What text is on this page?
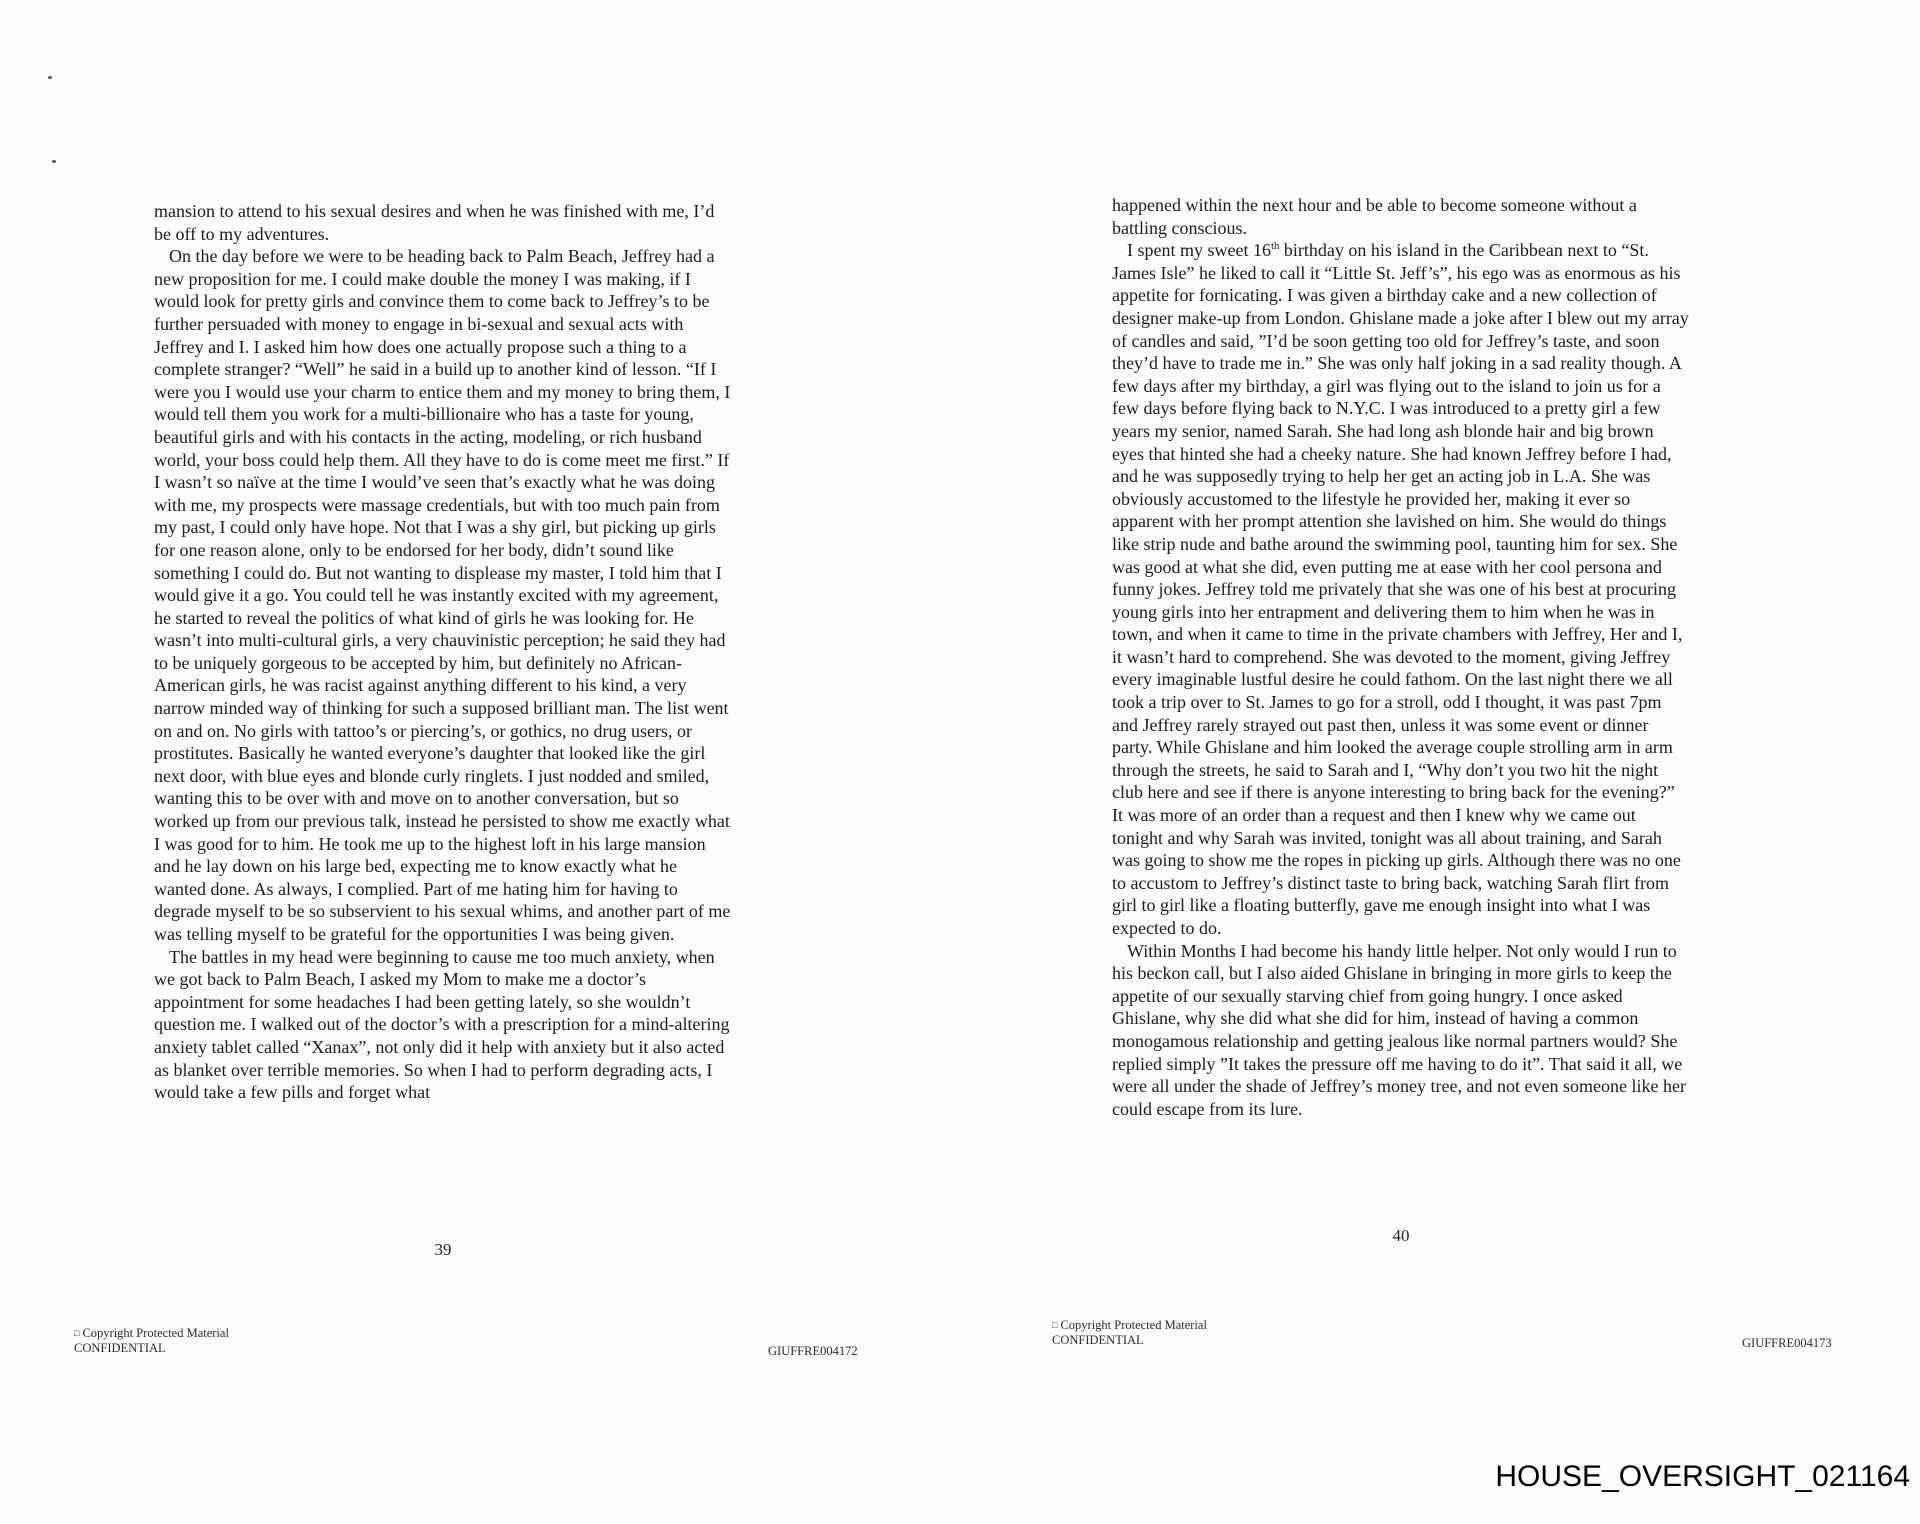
mansion to attend to his sexual desires and when he was finished with me, I’d be off to my adventures.

On the day before we were to be heading back to Palm Beach, Jeffrey had a new proposition for me. I could make double the money I was making, if I would look for pretty girls and convince them to come back to Jeffrey’s to be further persuaded with money to engage in bi-sexual and sexual acts with Jeffrey and I. I asked him how does one actually propose such a thing to a complete stranger? “Well” he said in a build up to another kind of lesson. “If I were you I would use your charm to entice them and my money to bring them, I would tell them you work for a multi-billionaire who has a taste for young, beautiful girls and with his contacts in the acting, modeling, or rich husband world, your boss could help them. All they have to do is come meet me first.” If I wasn’t so naïve at the time I would’ve seen that’s exactly what he was doing with me, my prospects were massage credentials, but with too much pain from my past, I could only have hope. Not that I was a shy girl, but picking up girls for one reason alone, only to be endorsed for her body, didn’t sound like something I could do. But not wanting to displease my master, I told him that I would give it a go. You could tell he was instantly excited with my agreement, he started to reveal the politics of what kind of girls he was looking for. He wasn’t into multi-cultural girls, a very chauvinistic perception; he said they had to be uniquely gorgeous to be accepted by him, but definitely no African-American girls, he was racist against anything different to his kind, a very narrow minded way of thinking for such a supposed brilliant man. The list went on and on. No girls with tattoo’s or piercing’s, or gothics, no drug users, or prostitutes. Basically he wanted everyone’s daughter that looked like the girl next door, with blue eyes and blonde curly ringlets. I just nodded and smiled, wanting this to be over with and move on to another conversation, but so worked up from our previous talk, instead he persisted to show me exactly what I was good for to him. He took me up to the highest loft in his large mansion and he lay down on his large bed, expecting me to know exactly what he wanted done. As always, I complied. Part of me hating him for having to degrade myself to be so subservient to his sexual whims, and another part of me was telling myself to be grateful for the opportunities I was being given.

The battles in my head were beginning to cause me too much anxiety, when we got back to Palm Beach, I asked my Mom to make me a doctor’s appointment for some headaches I had been getting lately, so she wouldn’t question me. I walked out of the doctor’s with a prescription for a mind-altering anxiety tablet called “Xanax”, not only did it help with anxiety but it also acted as blanket over terrible memories. So when I had to perform degrading acts, I would take a few pills and forget what

39
□ Copyright Protected Material
CONFIDENTIAL	GIUFFRE004172

happened within the next hour and be able to become someone without a battling conscious.

I spent my sweet 16th birthday on his island in the Caribbean next to “St. James Isle” he liked to call it “Little St. Jeff’s”, his ego was as enormous as his appetite for fornicating. I was given a birthday cake and a new collection of designer make-up from London. Ghislane made a joke after I blew out my array of candles and said, ”I’d be soon getting too old for Jeffrey’s taste, and soon they’d have to trade me in.” She was only half joking in a sad reality though. A few days after my birthday, a girl was flying out to the island to join us for a few days before flying back to N.Y.C. I was introduced to a pretty girl a few years my senior, named Sarah. She had long ash blonde hair and big brown eyes that hinted she had a cheeky nature. She had known Jeffrey before I had, and he was supposedly trying to help her get an acting job in L.A. She was obviously accustomed to the lifestyle he provided her, making it ever so apparent with her prompt attention she lavished on him. She would do things like strip nude and bathe around the swimming pool, taunting him for sex. She was good at what she did, even putting me at ease with her cool persona and funny jokes. Jeffrey told me privately that she was one of his best at procuring young girls into her entrapment and delivering them to him when he was in town, and when it came to time in the private chambers with Jeffrey, Her and I, it wasn’t hard to comprehend. She was devoted to the moment, giving Jeffrey every imaginable lustful desire he could fathom. On the last night there we all took a trip over to St. James to go for a stroll, odd I thought, it was past 7pm and Jeffrey rarely strayed out past then, unless it was some event or dinner party. While Ghislane and him looked the average couple strolling arm in arm through the streets, he said to Sarah and I, “Why don’t you two hit the night club here and see if there is anyone interesting to bring back for the evening?” It was more of an order than a request and then I knew why we came out tonight and why Sarah was invited, tonight was all about training, and Sarah was going to show me the ropes in picking up girls. Although there was no one to accustom to Jeffrey’s distinct taste to bring back, watching Sarah flirt from girl to girl like a floating butterfly, gave me enough insight into what I was expected to do.

Within Months I had become his handy little helper. Not only would I run to his beckon call, but I also aided Ghislane in bringing in more girls to keep the appetite of our sexually starving chief from going hungry. I once asked Ghislane, why she did what she did for him, instead of having a common monogamous relationship and getting jealous like normal partners would? She replied simply ”It takes the pressure off me having to do it”. That said it all, we were all under the shade of Jeffrey’s money tree, and not even someone like her could escape from its lure.

40
□ Copyright Protected Material
CONFIDENTIAL	GIUFFRE004173
HOUSE_OVERSIGHT_021164
